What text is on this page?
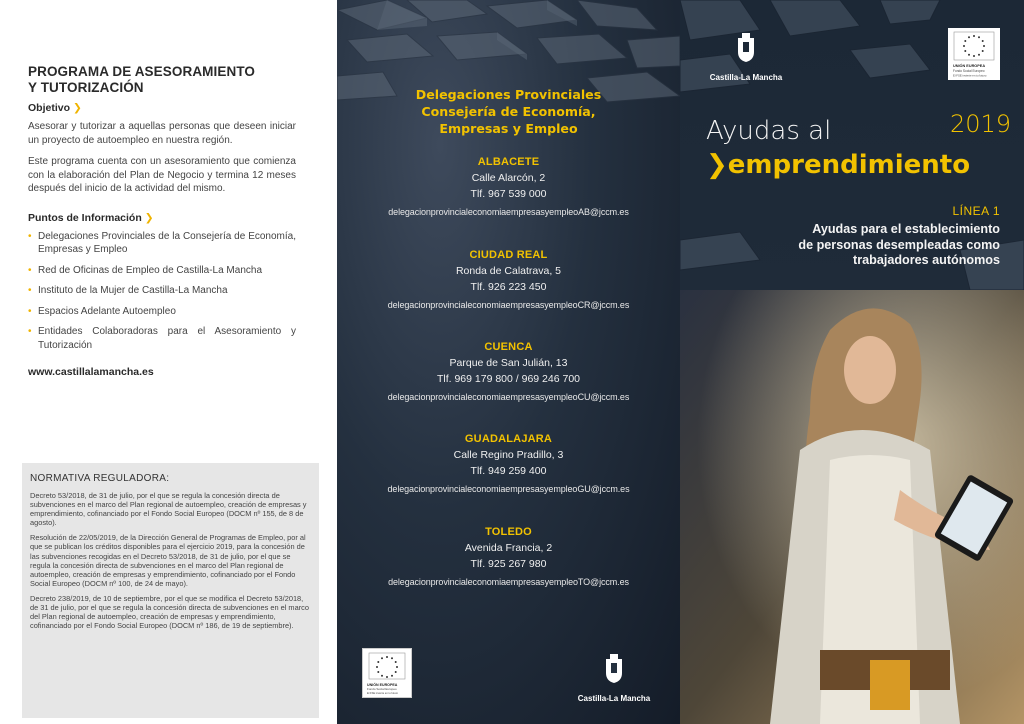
PROGRAMA DE ASESORAMIENTO
Y TUTORIZACIÓN
Objetivo ❯

Asesorar y tutorizar a aquellas personas que deseen iniciar un proyecto de autoempleo en nuestra región.

Este programa cuenta con un asesoramiento que comienza con la elaboración del Plan de Negocio y termina 12 meses después del inicio de la actividad del mismo.

Puntos de Información ❯
• Delegaciones Provinciales de la Consejería de Economía, Empresas y Empleo
• Red de Oficinas de Empleo de Castilla-La Mancha
• Instituto de la Mujer de Castilla-La Mancha
• Espacios Adelante Autoempleo
• Entidades Colaboradoras para el Asesoramiento y Tutorización
www.castillalamancha.es
NORMATIVA REGULADORA:

Decreto 53/2018, de 31 de julio, por el que se regula la concesión directa de subvenciones en el marco del Plan regional de autoempleo, creación de empresas y emprendimiento, cofinanciado por el Fondo Social Europeo (DOCM nº 155, de 8 de agosto).

Resolución de 22/05/2019, de la Dirección General de Programas de Empleo, por al que se publican los créditos disponibles para el ejercicio 2019, para la concesión de las subvenciones recogidas en el Decreto 53/2018, de 31 de julio, por el que se regula la concesión directa de subvenciones en el marco del Plan regional de autoempleo, creación de empresas y emprendimiento, cofinanciado por el Fondo Social Europeo (DOCM nº 100, de 24 de mayo).

Decreto 238/2019, de 10 de septiembre, por el que se modifica el Decreto 53/2018, de 31 de julio, por el que se regula la concesión directa de subvenciones en el marco del Plan regional de autoempleo, creación de empresas y emprendimiento, cofinanciado por el Fondo Social Europeo (DOCM nº 186, de 19 de septiembre).

Delegaciones Provinciales
Consejería de Economía,
Empresas y Empleo
ALBACETE
Calle Alarcón, 2
Tlf. 967 539 000
delegacionprovincialeconomiaempresasyempleoAB@jccm.es
CIUDAD REAL
Ronda de Calatrava, 5
Tlf. 926 223 450
delegacionprovincialeconomiaempresasyempleoCR@jccm.es
CUENCA
Parque de San Julián, 13
Tlf. 969 179 800 / 969 246 700
delegacionprovincialeconomiaempresasyempleoCU@jccm.es
GUADALAJARA
Calle Regino Pradillo, 3
Tlf. 949 259 400
delegacionprovincialeconomiaempresasyempleoGU@jccm.es
TOLEDO
Avenida Francia, 2
Tlf. 925 267 980
delegacionprovincialeconomiaempresasyempleoTO@jccm.es
UNIÓN EUROPEA
Fondo Social Europeo
El FSE invierte en tu futuro
Castilla-La Mancha
Castilla-La Mancha
UNIÓN EUROPEA
Fondo Social Europeo
El FSE invierte en tu futuro
2019
Ayudas al
❯emprendimiento
LÍNEA 1
Ayudas para el establecimiento
de personas desempleadas como
trabajadores autónomos
